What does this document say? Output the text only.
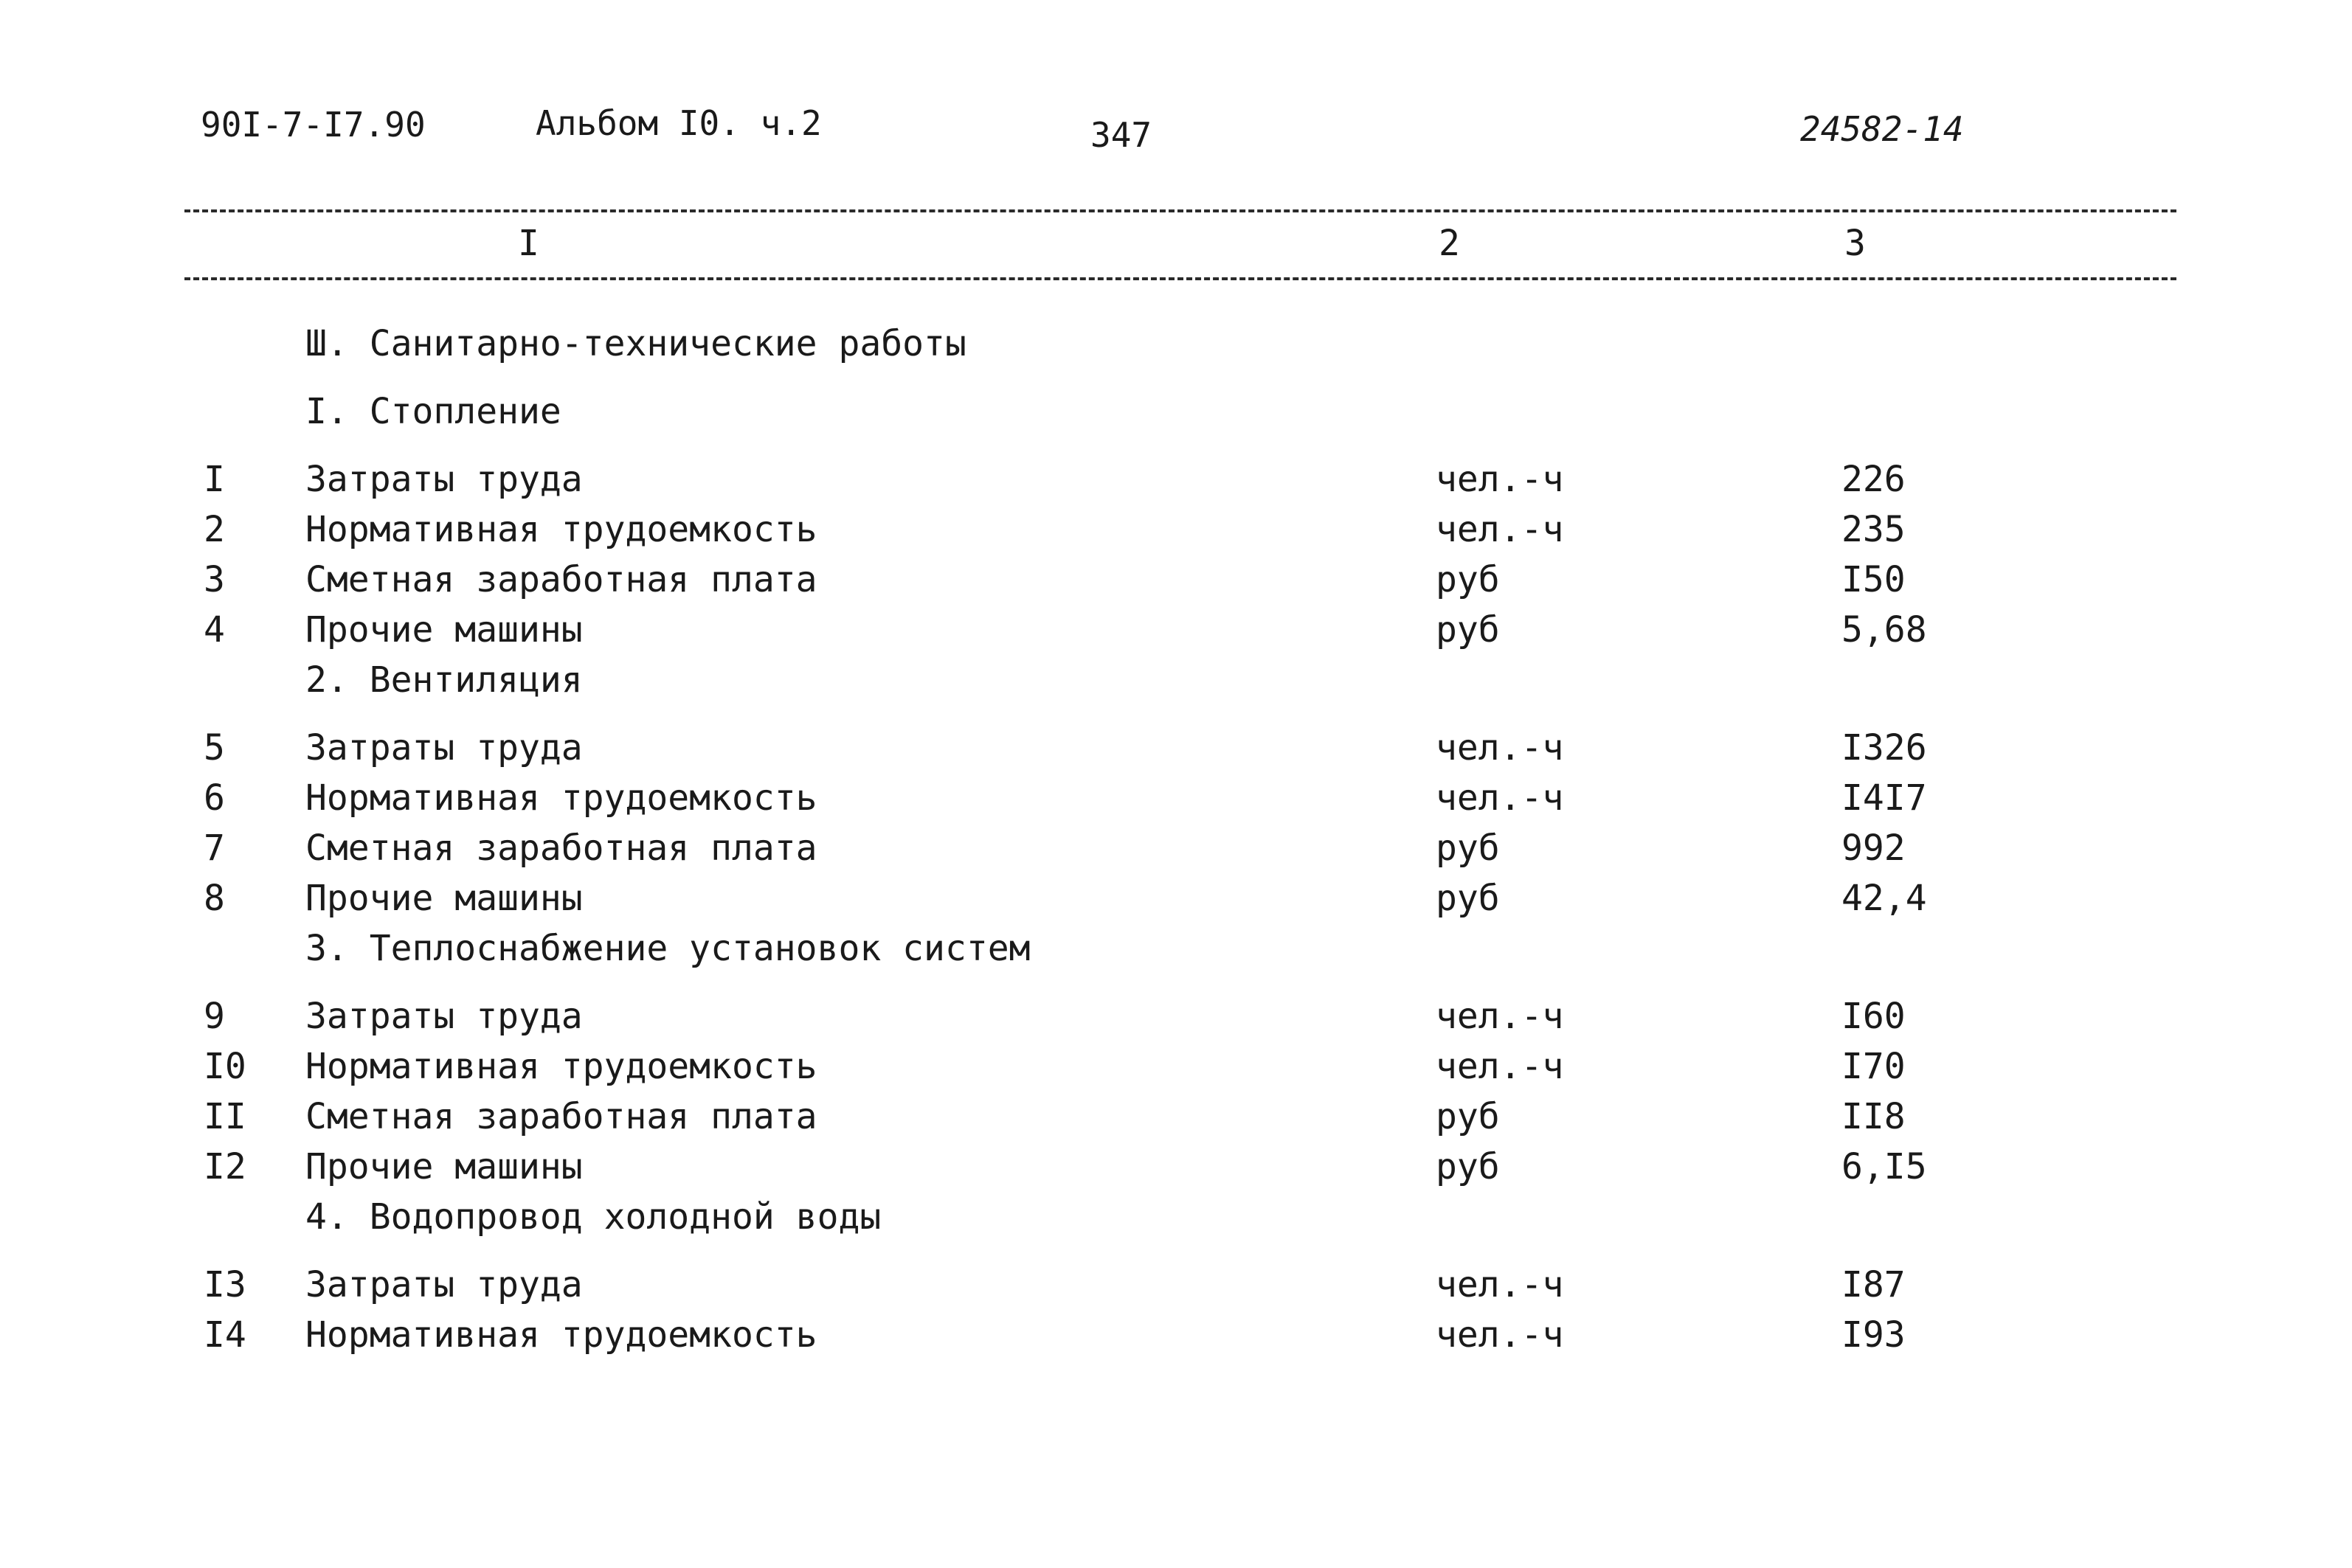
90I-7-I7.90	Альбом I0. ч.2	347	24582-14
I	2	3
Ш. Санитарно-технические работы
I. Стопление
I Затраты труда	чел.-ч	226
2 Нормативная трудоемкость	чел.-ч	235
3 Сметная заработная плата	руб	I50
4 Прочие машины	руб	5,68
2. Вентиляция
5 Затраты труда	чел.-ч	I326
6 Нормативная трудоемкость	чел.-ч	I4I7
7 Сметная заработная плата	руб	992
8 Прочие машины	руб	42,4
3. Теплоснабжение установок систем
9 Затраты труда	чел.-ч	I60
I0 Нормативная трудоемкость	чел.-ч	I70
II Сметная заработная плата	руб	II8
I2 Прочие машины	руб	6,I5
4. Водопровод холодной воды
I3 Затраты труда	чел.-ч	I87
I4 Нормативная трудоемкость	чел.-ч	I93
